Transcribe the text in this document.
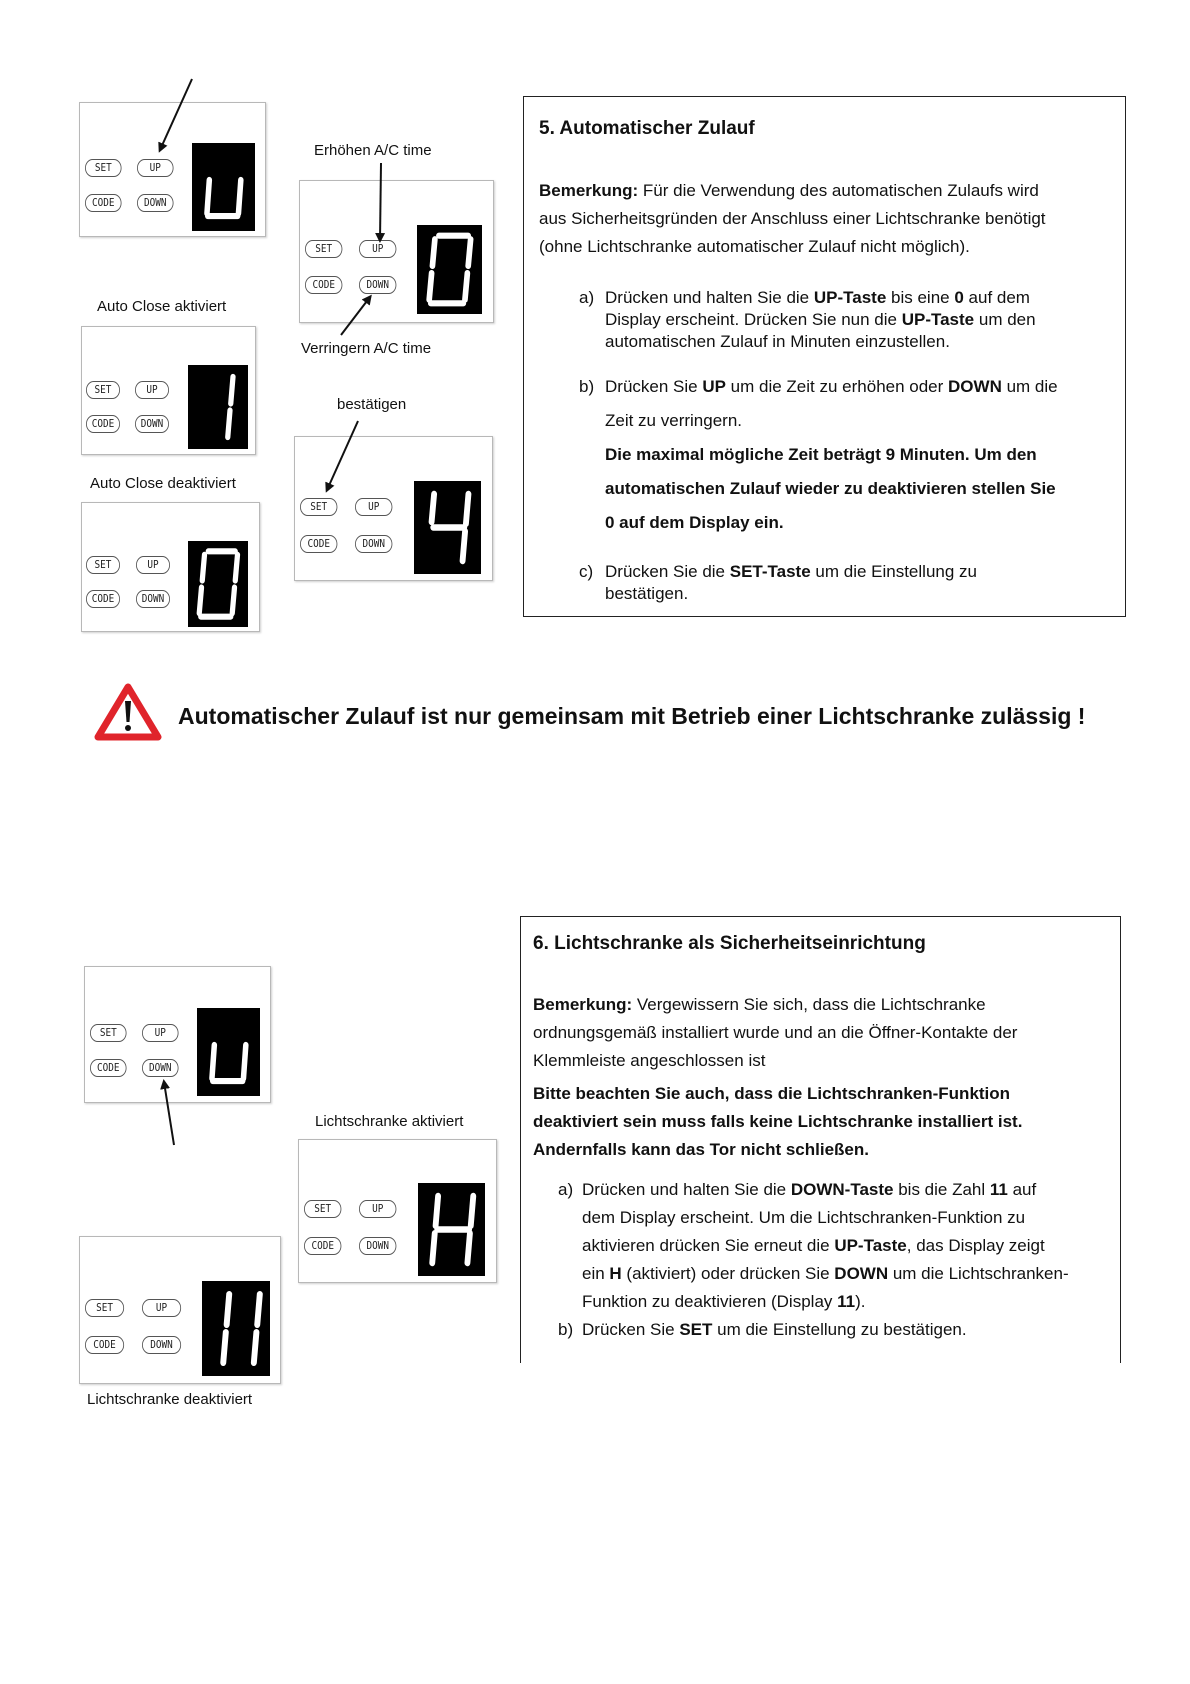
SET	UP
CODE	DOWN
Auto Close aktiviert
SET	UP
CODE	DOWN
Auto Close deaktiviert
SET	UP
CODE	DOWN
Erhöhen A/C time
SET	UP
CODE	DOWN
Verringern A/C time
bestätigen
SET	UP
CODE	DOWN
5. Automatischer Zulauf

Bemerkung: Für die Verwendung des automatischen Zulaufs wird

aus Sicherheitsgründen der Anschluss einer Lichtschranke benötigt

(ohne Lichtschranke automatischer Zulauf nicht möglich).

a) Drücken und halten Sie die UP-Taste bis eine 0 auf dem
Display erscheint. Drücken Sie nun die UP-Taste um den
automatischen Zulauf in Minuten einzustellen.
b) Drücken Sie UP um die Zeit zu erhöhen oder DOWN um die
Zeit zu verringern.
Die maximal mögliche Zeit beträgt 9 Minuten. Um den
automatischen Zulauf wieder zu deaktivieren stellen Sie
0 auf dem Display ein.
c) Drücken Sie die SET-Taste um die Einstellung zu
bestätigen.
Automatischer Zulauf ist nur gemeinsam mit Betrieb einer Lichtschranke zulässig !
SET	UP
CODE	DOWN
SET	UP
CODE	DOWN
Lichtschranke deaktiviert
Lichtschranke aktiviert
SET	UP
CODE	DOWN
6. Lichtschranke als Sicherheitseinrichtung

Bemerkung: Vergewissern Sie sich, dass die Lichtschranke

ordnungsgemäß installiert wurde und an die Öffner-Kontakte der

Klemmleiste angeschlossen ist

Bitte beachten Sie auch, dass die Lichtschranken-Funktion

deaktiviert sein muss falls keine Lichtschranke installiert ist.

Andernfalls kann das Tor nicht schließen.

a) Drücken und halten Sie die DOWN-Taste bis die Zahl 11 auf
dem Display erscheint. Um die Lichtschranken-Funktion zu
aktivieren drücken Sie erneut die UP-Taste, das Display zeigt
ein H (aktiviert) oder drücken Sie DOWN um die Lichtschranken-
Funktion zu deaktivieren (Display 11).
b) Drücken Sie SET um die Einstellung zu bestätigen.
